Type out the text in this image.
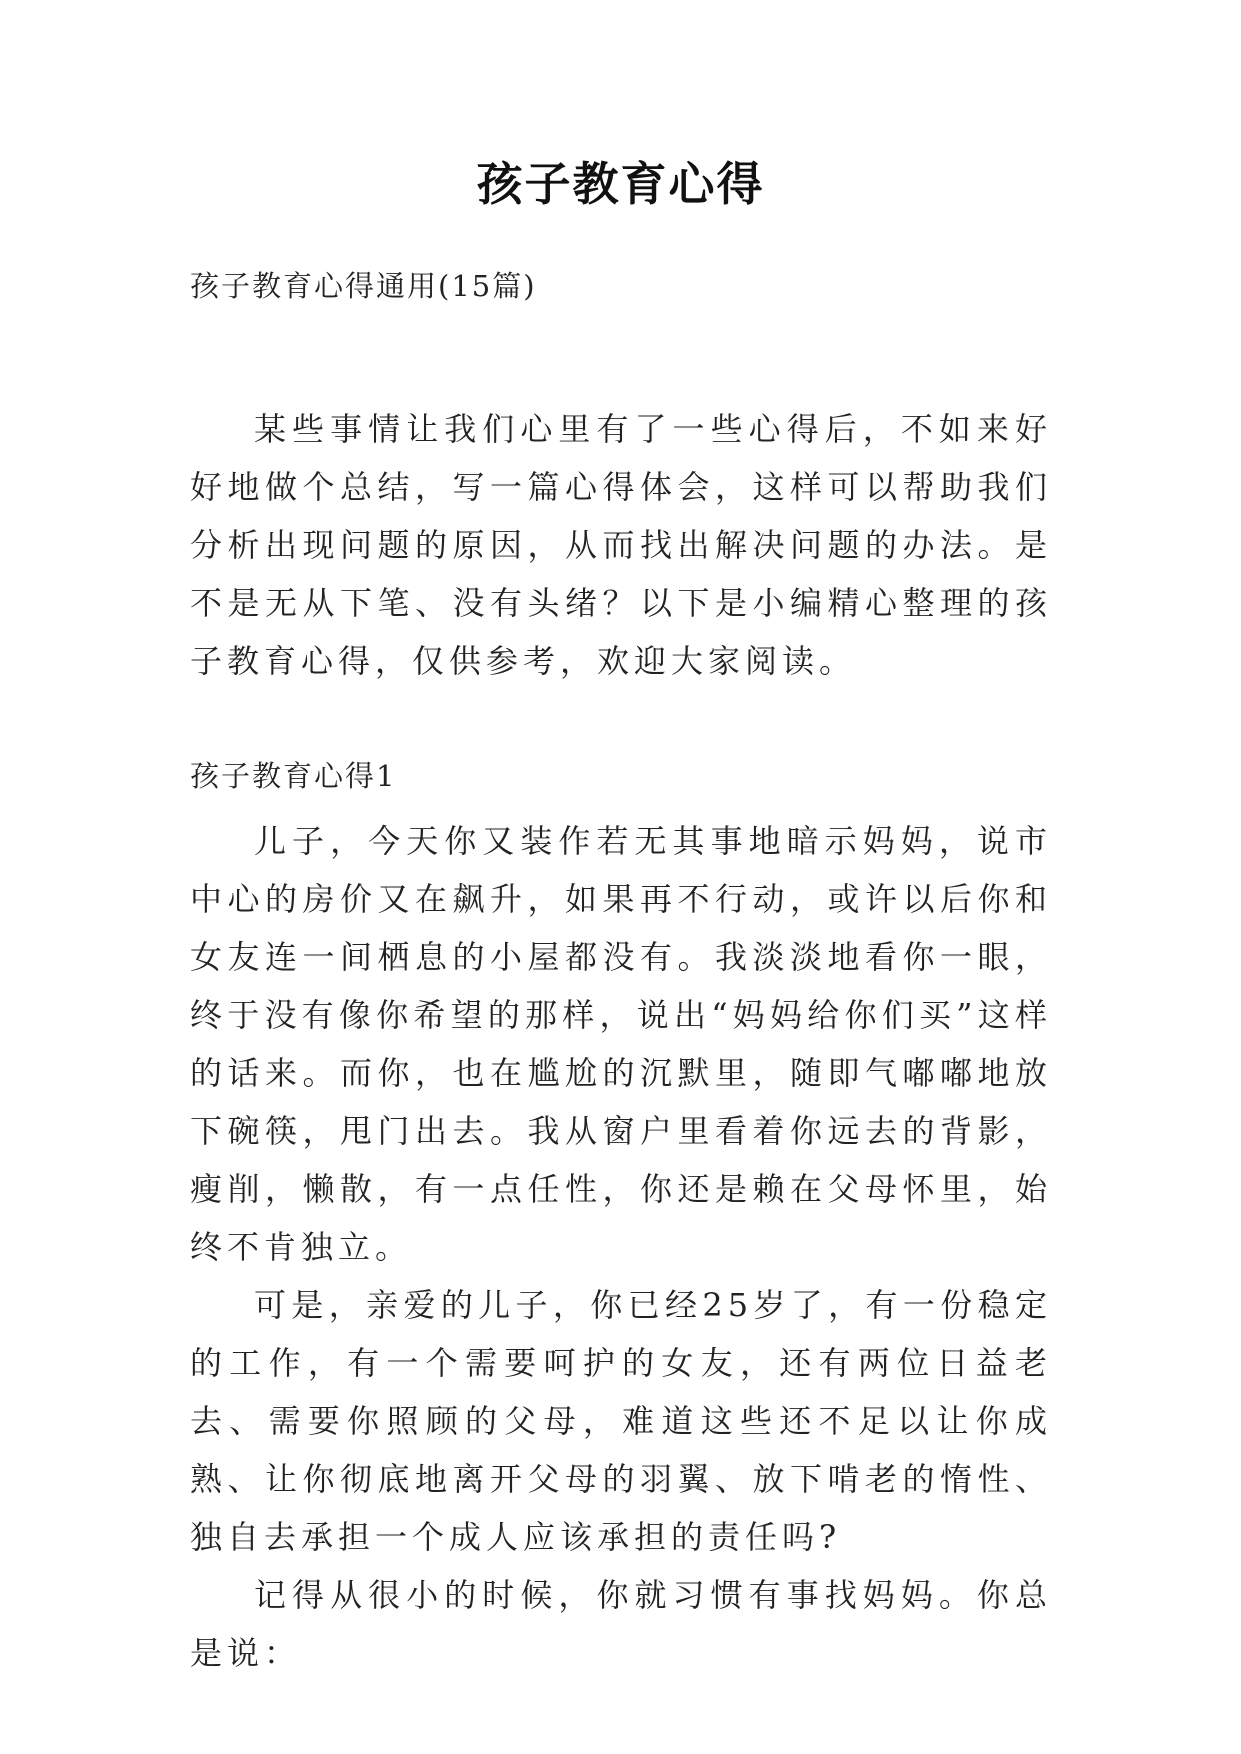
孩子教育心得
孩子教育心得通用(15篇)

某些事情让我们心里有了一些心得后，不如来好好地做个总结，写一篇心得体会，这样可以帮助我们分析出现问题的原因，从而找出解决问题的办法。是不是无从下笔、没有头绪？以下是小编精心整理的孩子教育心得，仅供参考，欢迎大家阅读。

孩子教育心得1

儿子，今天你又装作若无其事地暗示妈妈，说市中心的房价又在飙升，如果再不行动，或许以后你和女友连一间栖息的小屋都没有。我淡淡地看你一眼，终于没有像你希望的那样，说出“妈妈给你们买”这样的话来。而你，也在尴尬的沉默里，随即气嘟嘟地放下碗筷，甩门出去。我从窗户里看着你远去的背影，瘦削，懒散，有一点任性，你还是赖在父母怀里，始终不肯独立。

可是，亲爱的儿子，你已经25岁了，有一份稳定的工作，有一个需要呵护的女友，还有两位日益老去、需要你照顾的父母，难道这些还不足以让你成熟、让你彻底地离开父母的羽翼、放下啃老的惰性、独自去承担一个成人应该承担的责任吗?

记得从很小的时候，你就习惯有事找妈妈。你总是说：
